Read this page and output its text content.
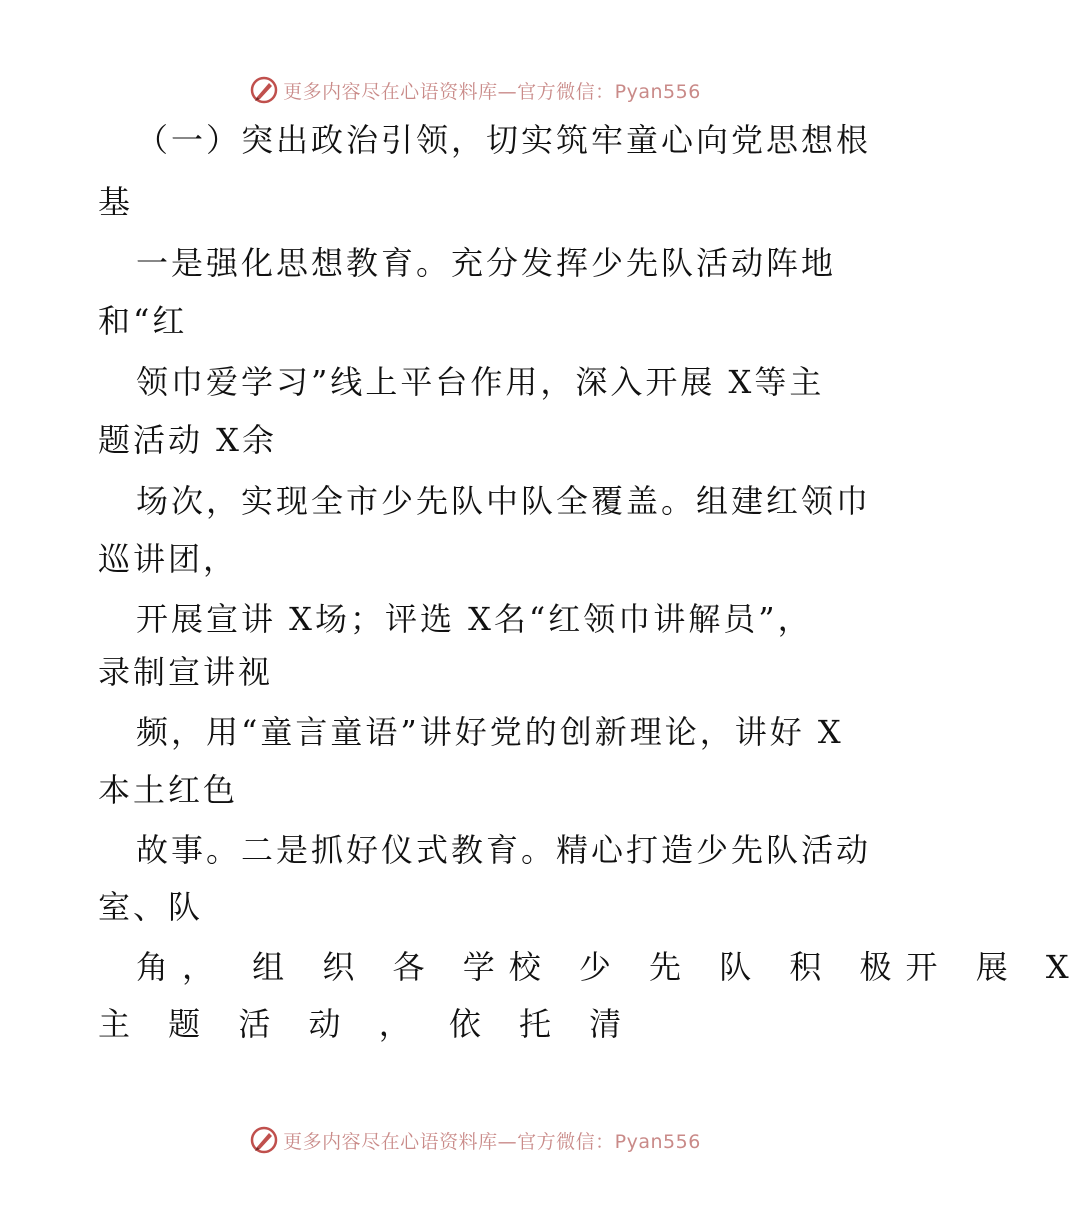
更多内容尽在心语资料库—官方微信：Pyan556
（一）突出政治引领，切实筑牢童心向党思想根
基
一是强化思想教育。充分发挥少先队活动阵地
和“红
领巾爱学习”线上平台作用，深入开展 X等主
题活动 X余
场次，实现全市少先队中队全覆盖。组建红领巾
巡讲团，
开展宣讲 X场；评选 X名“红领巾讲解员”，
录制宣讲视
频，用“童言童语”讲好党的创新理论，讲好 X
本土红色
故事。二是抓好仪式教育。精心打造少先队活动
室、队
角， 组 织 各 学校 少 先 队 积 极开 展 X
主 题 活 动 ， 依 托 清
更多内容尽在心语资料库—官方微信：Pyan556
